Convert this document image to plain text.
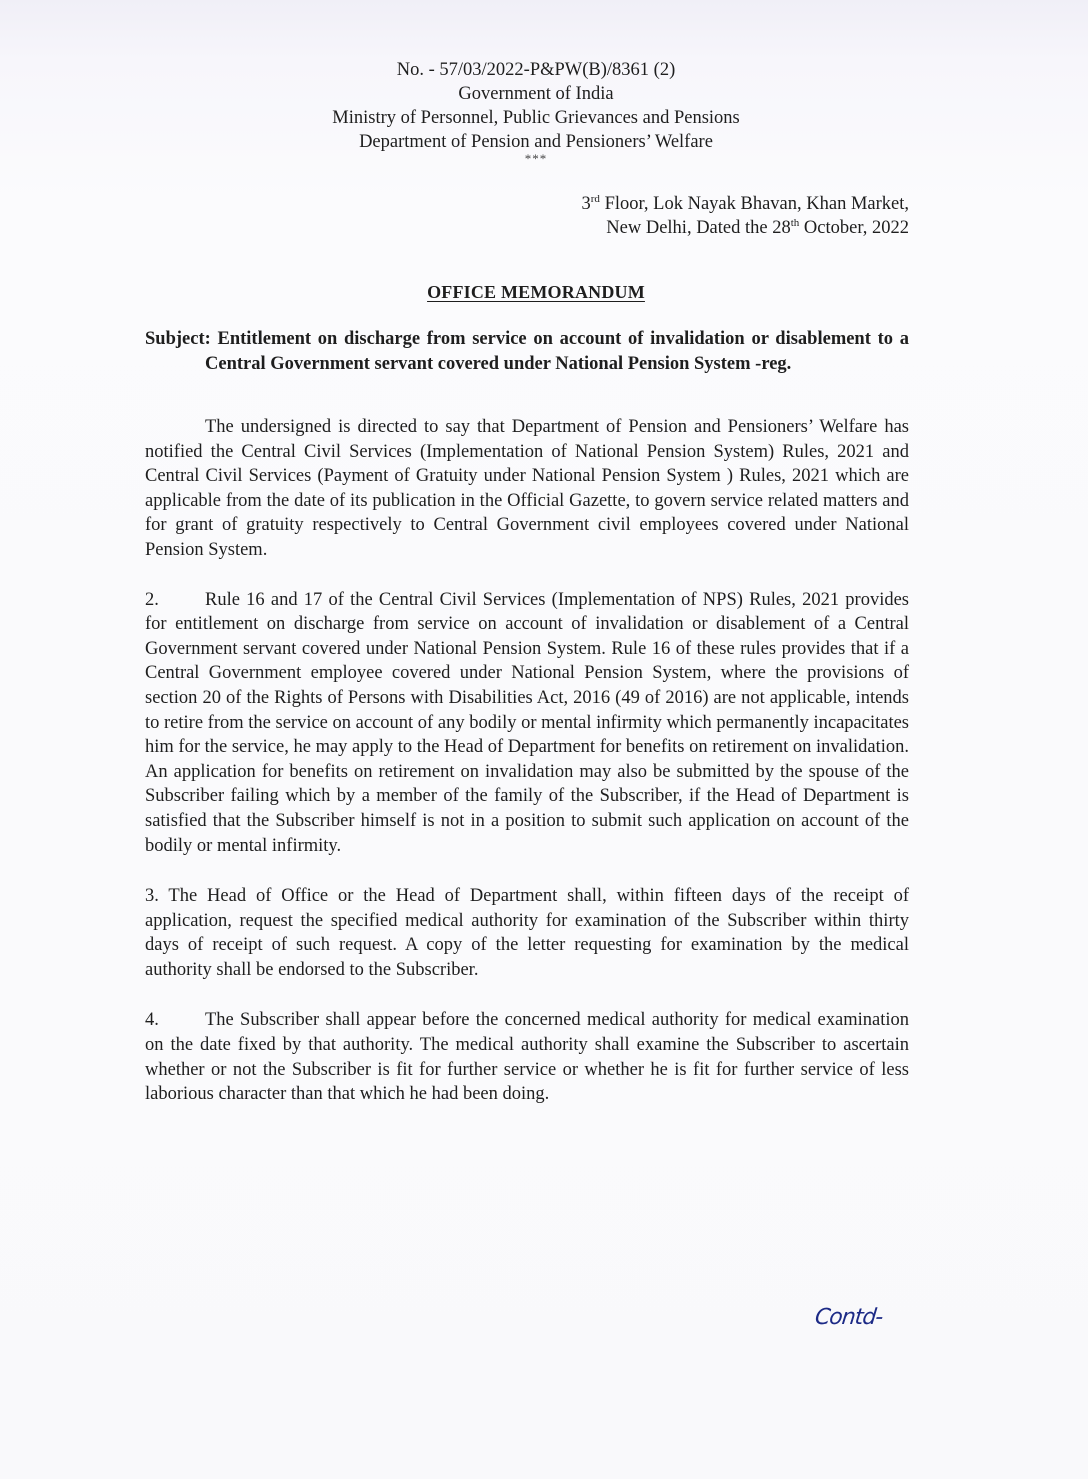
No. - 57/03/2022-P&PW(B)/8361 (2)
Government of India
Ministry of Personnel, Public Grievances and Pensions
Department of Pension and Pensioners’ Welfare
***
3rd Floor, Lok Nayak Bhavan, Khan Market,
New Delhi, Dated the 28th October, 2022
OFFICE MEMORANDUM
Subject: Entitlement on discharge from service on account of invalidation or disablement to a Central Government servant covered under National Pension System -reg.

The undersigned is directed to say that Department of Pension and Pensioners’ Welfare has notified the Central Civil Services (Implementation of National Pension System) Rules, 2021 and Central Civil Services (Payment of Gratuity under National Pension System ) Rules, 2021 which are applicable from the date of its publication in the Official Gazette, to govern service related matters and for grant of gratuity respectively to Central Government civil employees covered under National Pension System.

2. Rule 16 and 17 of the Central Civil Services (Implementation of NPS) Rules, 2021 provides for entitlement on discharge from service on account of invalidation or disablement of a Central Government servant covered under National Pension System. Rule 16 of these rules provides that if a Central Government employee covered under National Pension System, where the provisions of section 20 of the Rights of Persons with Disabilities Act, 2016 (49 of 2016) are not applicable, intends to retire from the service on account of any bodily or mental infirmity which permanently incapacitates him for the service, he may apply to the Head of Department for benefits on retirement on invalidation. An application for benefits on retirement on invalidation may also be submitted by the spouse of the Subscriber failing which by a member of the family of the Subscriber, if the Head of Department is satisfied that the Subscriber himself is not in a position to submit such application on account of the bodily or mental infirmity.

3. The Head of Office or the Head of Department shall, within fifteen days of the receipt of application, request the specified medical authority for examination of the Subscriber within thirty days of receipt of such request. A copy of the letter requesting for examination by the medical authority shall be endorsed to the Subscriber.

4. The Subscriber shall appear before the concerned medical authority for medical examination on the date fixed by that authority. The medical authority shall examine the Subscriber to ascertain whether or not the Subscriber is fit for further service or whether he is fit for further service of less laborious character than that which he had been doing.

Contd-
